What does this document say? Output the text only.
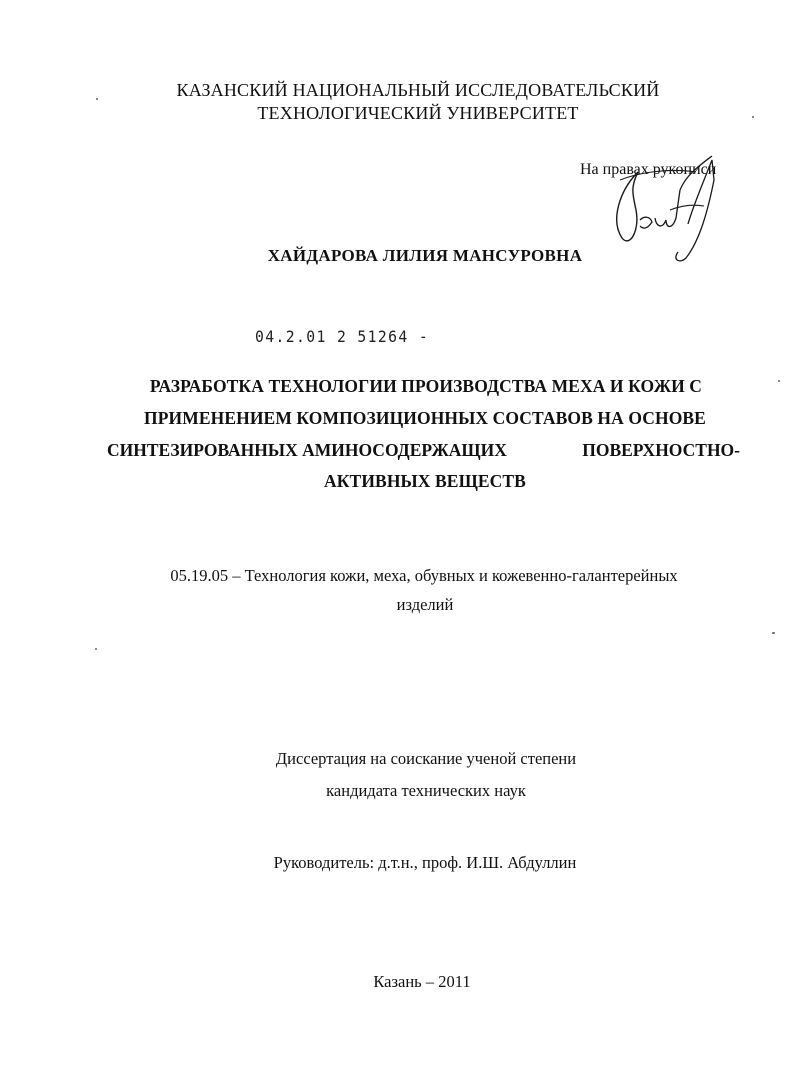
КАЗАНСКИЙ НАЦИОНАЛЬНЫЙ ИССЛЕДОВАТЕЛЬСКИЙ
ТЕХНОЛОГИЧЕСКИЙ УНИВЕРСИТЕТ
На правах рукописи
ХАЙДАРОВА ЛИЛИЯ МАНСУРОВНА
04.2.01 2 51264 -
РАЗРАБОТКА ТЕХНОЛОГИИ ПРОИЗВОДСТВА МЕХА И КОЖИ С
ПРИМЕНЕНИЕМ КОМПОЗИЦИОННЫХ СОСТАВОВ НА ОСНОВЕ
СИНТЕЗИРОВАННЫХ АМИНОСОДЕРЖАЩИХ	ПОВЕРХНОСТНО-
АКТИВНЫХ ВЕЩЕСТВ
05.19.05 – Технология кожи, меха, обувных и кожевенно-галантерейных
изделий
Диссертация на соискание ученой степени
кандидата технических наук
Руководитель: д.т.н., проф. И.Ш. Абдуллин
Казань – 2011
